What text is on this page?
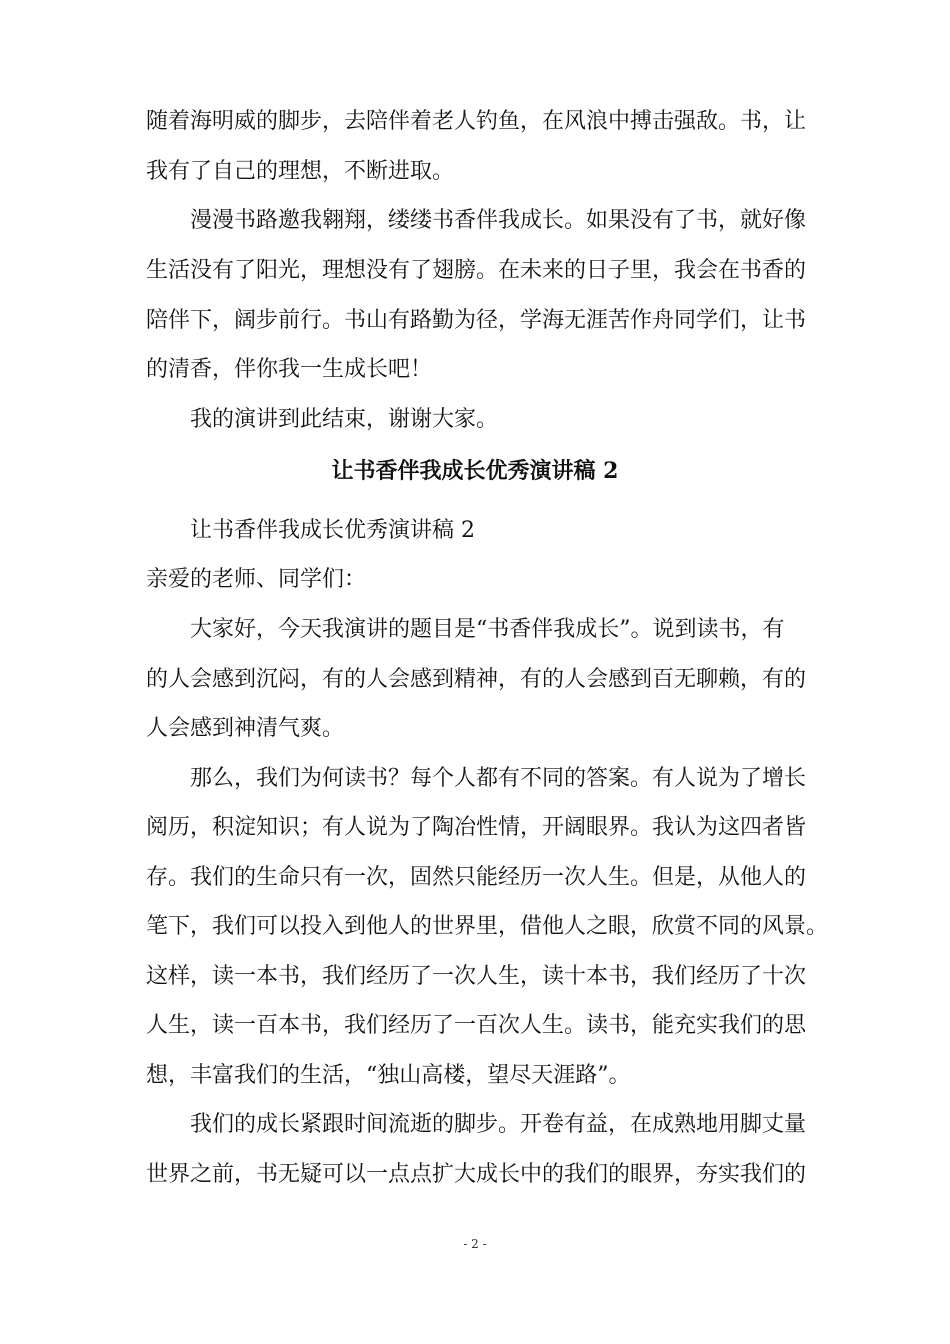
随着海明威的脚步，去陪伴着老人钓鱼，在风浪中搏击强敌。书，让
我有了自己的理想，不断进取。
漫漫书路邀我翱翔，缕缕书香伴我成长。如果没有了书，就好像
生活没有了阳光，理想没有了翅膀。在未来的日子里，我会在书香的
陪伴下，阔步前行。书山有路勤为径，学海无涯苦作舟同学们，让书
的清香，伴你我一生成长吧！
我的演讲到此结束，谢谢大家。
让书香伴我成长优秀演讲稿 2
让书香伴我成长优秀演讲稿 2
亲爱的老师、同学们：
大家好，今天我演讲的题目是“书香伴我成长”。说到读书，有
的人会感到沉闷，有的人会感到精神，有的人会感到百无聊赖，有的
人会感到神清气爽。
那么，我们为何读书？每个人都有不同的答案。有人说为了增长
阅历，积淀知识；有人说为了陶冶性情，开阔眼界。我认为这四者皆
存。我们的生命只有一次，固然只能经历一次人生。但是，从他人的
笔下，我们可以投入到他人的世界里，借他人之眼，欣赏不同的风景。
这样，读一本书，我们经历了一次人生，读十本书，我们经历了十次
人生，读一百本书，我们经历了一百次人生。读书，能充实我们的思
想，丰富我们的生活，“独山高楼，望尽天涯路”。
我们的成长紧跟时间流逝的脚步。开卷有益，在成熟地用脚丈量
世界之前，书无疑可以一点点扩大成长中的我们的眼界，夯实我们的
- 2 -
